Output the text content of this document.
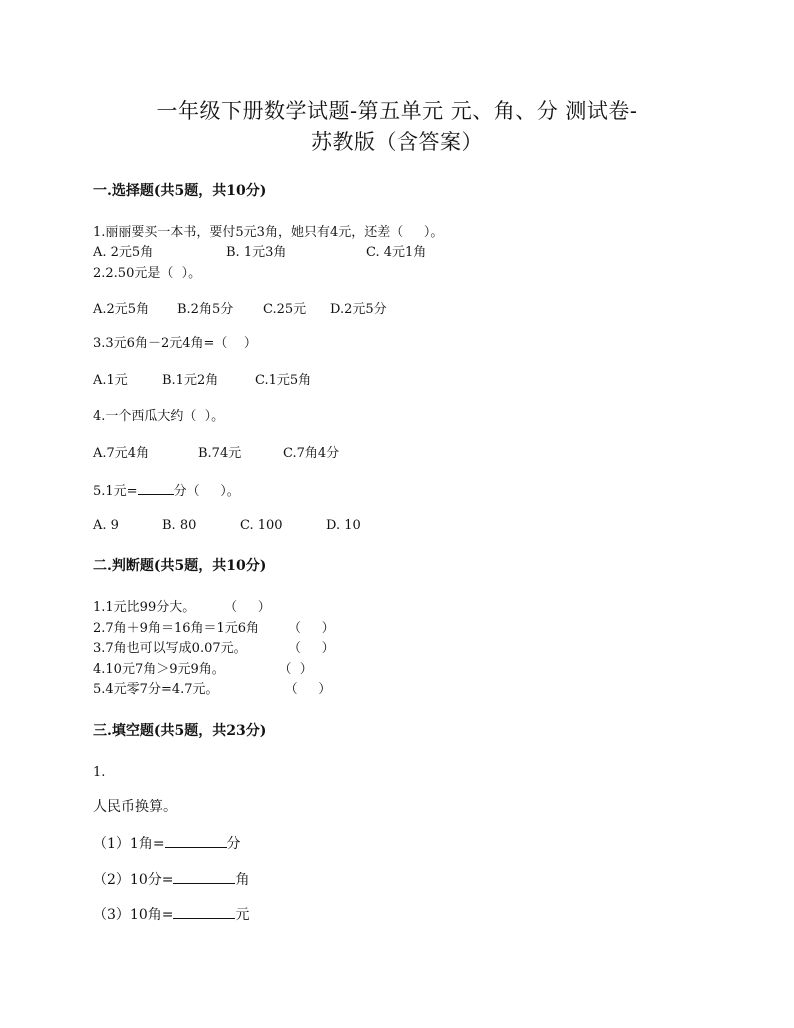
一年级下册数学试题-第五单元 元、角、分 测试卷-
苏教版（含答案）
一.选择题(共5题，共10分)
1.丽丽要买一本书，要付5元3角，她只有4元，还差（     ）。
A. 2元5角	B. 1元3角	C. 4元1角
2.2.50元是（  ）。
A.2元5角 B.2角5分 C.25元 D.2元5分
3.3元6角－2元4角=（    ）
A.1元	B.1元2角	C.1元5角
4.一个西瓜大约（  ）。
A.7元4角	B.74元	C.7角4分
5.1元=	分（     ）。
A. 9	B. 80	C. 100	D. 10
二.判断题(共5题，共10分)
1.1元比99分大。       （     ）
2.7角＋9角＝16角＝1元6角       （     ）
3.7角也可以写成0.07元。          （     ）
4.10元7角＞9元9角。             （  ）
5.4元零7分=4.7元。                （     ）
三.填空题(共5题，共23分)
1.
人民币换算。
（1）1角=	分
（2）10分=	角
（3）10角=	元
